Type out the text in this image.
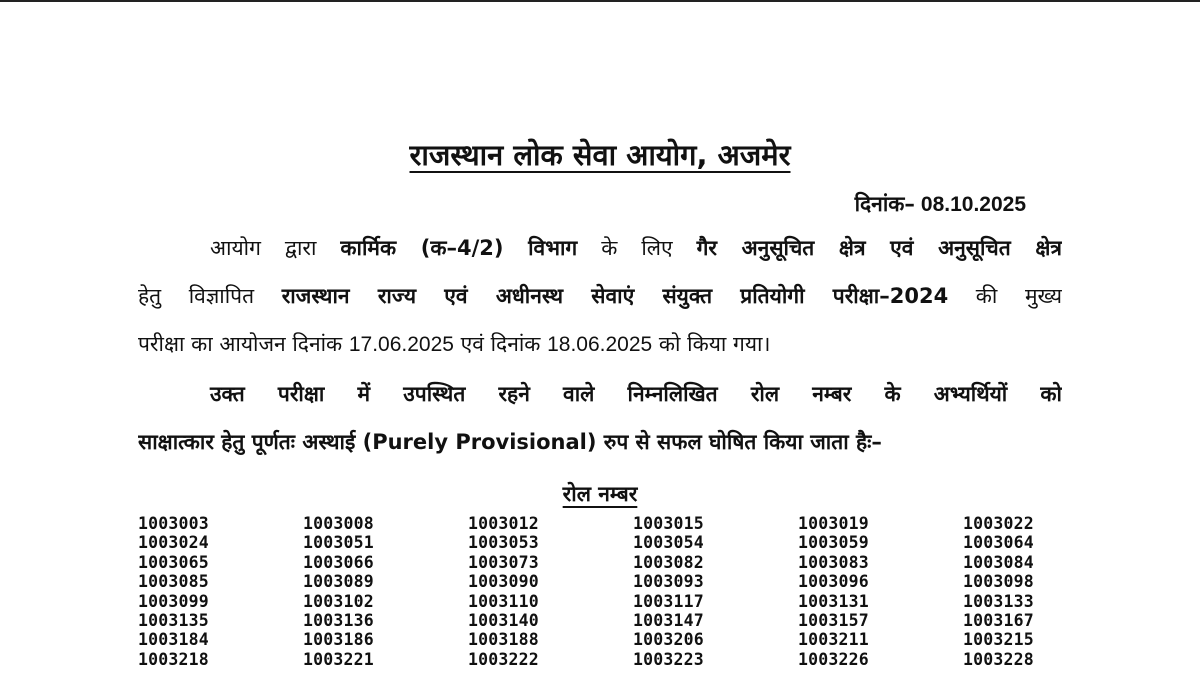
राजस्थान लोक सेवा आयोग, अजमेर
दिनांक– 08.10.2025
आयोग द्वारा कार्मिक (क–4/2) विभाग के लिए गैर अनुसूचित क्षेत्र एवं अनुसूचित क्षेत्र
हेतु विज्ञापित राजस्थान राज्य एवं अधीनस्थ सेवाएं संयुक्त प्रतियोगी परीक्षा–2024 की मुख्य
परीक्षा का आयोजन दिनांक 17.06.2025 एवं दिनांक 18.06.2025 को किया गया।
उक्त परीक्षा में उपस्थित रहने वाले निम्नलिखित रोल नम्बर के अभ्यर्थियों को
साक्षात्कार हेतु पूर्णतः अस्थाई (Purely Provisional) रुप से सफल घोषित किया जाता हैः–
रोल नम्बर
1003003	1003008	1003012	1003015	1003019	1003022
1003024	1003051	1003053	1003054	1003059	1003064
1003065	1003066	1003073	1003082	1003083	1003084
1003085	1003089	1003090	1003093	1003096	1003098
1003099	1003102	1003110	1003117	1003131	1003133
1003135	1003136	1003140	1003147	1003157	1003167
1003184	1003186	1003188	1003206	1003211	1003215
1003218	1003221	1003222	1003223	1003226	1003228
